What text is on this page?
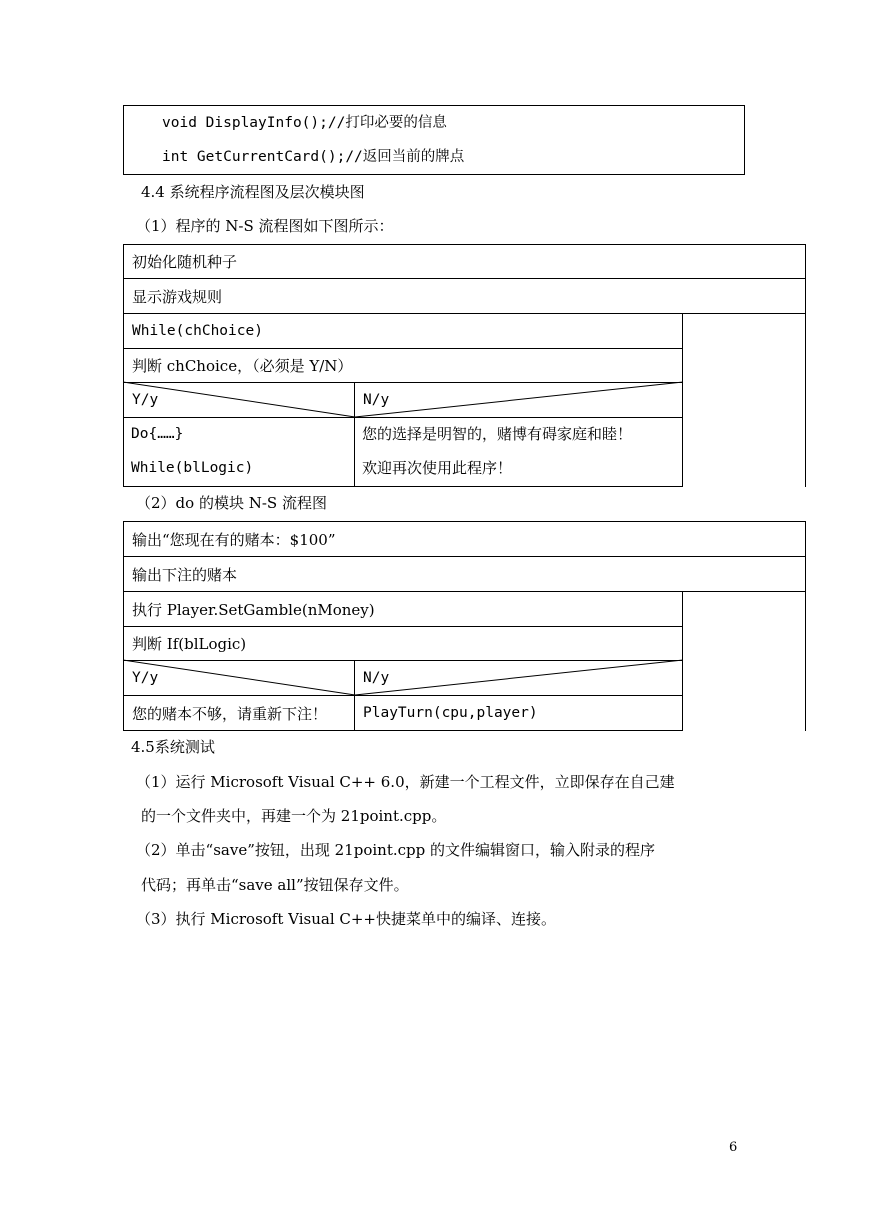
void DisplayInfo();//打印必要的信息
int GetCurrentCard();//返回当前的牌点
4.4 系统程序流程图及层次模块图
（1）程序的 N-S 流程图如下图所示：
初始化随机种子
显示游戏规则
While(chChoice)
判断 chChoice，（必须是 Y/N）
Y/y	N/y
Do{……}
While(blLogic)
您的选择是明智的，赌博有碍家庭和睦！
欢迎再次使用此程序！
（2）do 的模块 N-S 流程图
输出“您现在有的赌本：$100”
输出下注的赌本
执行 Player.SetGamble(nMoney)
判断 If(blLogic)
Y/y	N/y
您的赌本不够，请重新下注！ PlayTurn(cpu,player)
4.5系统测试
（1）运行 Microsoft Visual C++ 6.0，新建一个工程文件，立即保存在自己建
的一个文件夹中，再建一个为 21point.cpp。
（2）单击“save”按钮，出现 21point.cpp 的文件编辑窗口，输入附录的程序
代码；再单击“save all”按钮保存文件。
（3）执行 Microsoft Visual C++快捷菜单中的编译、连接。
6
